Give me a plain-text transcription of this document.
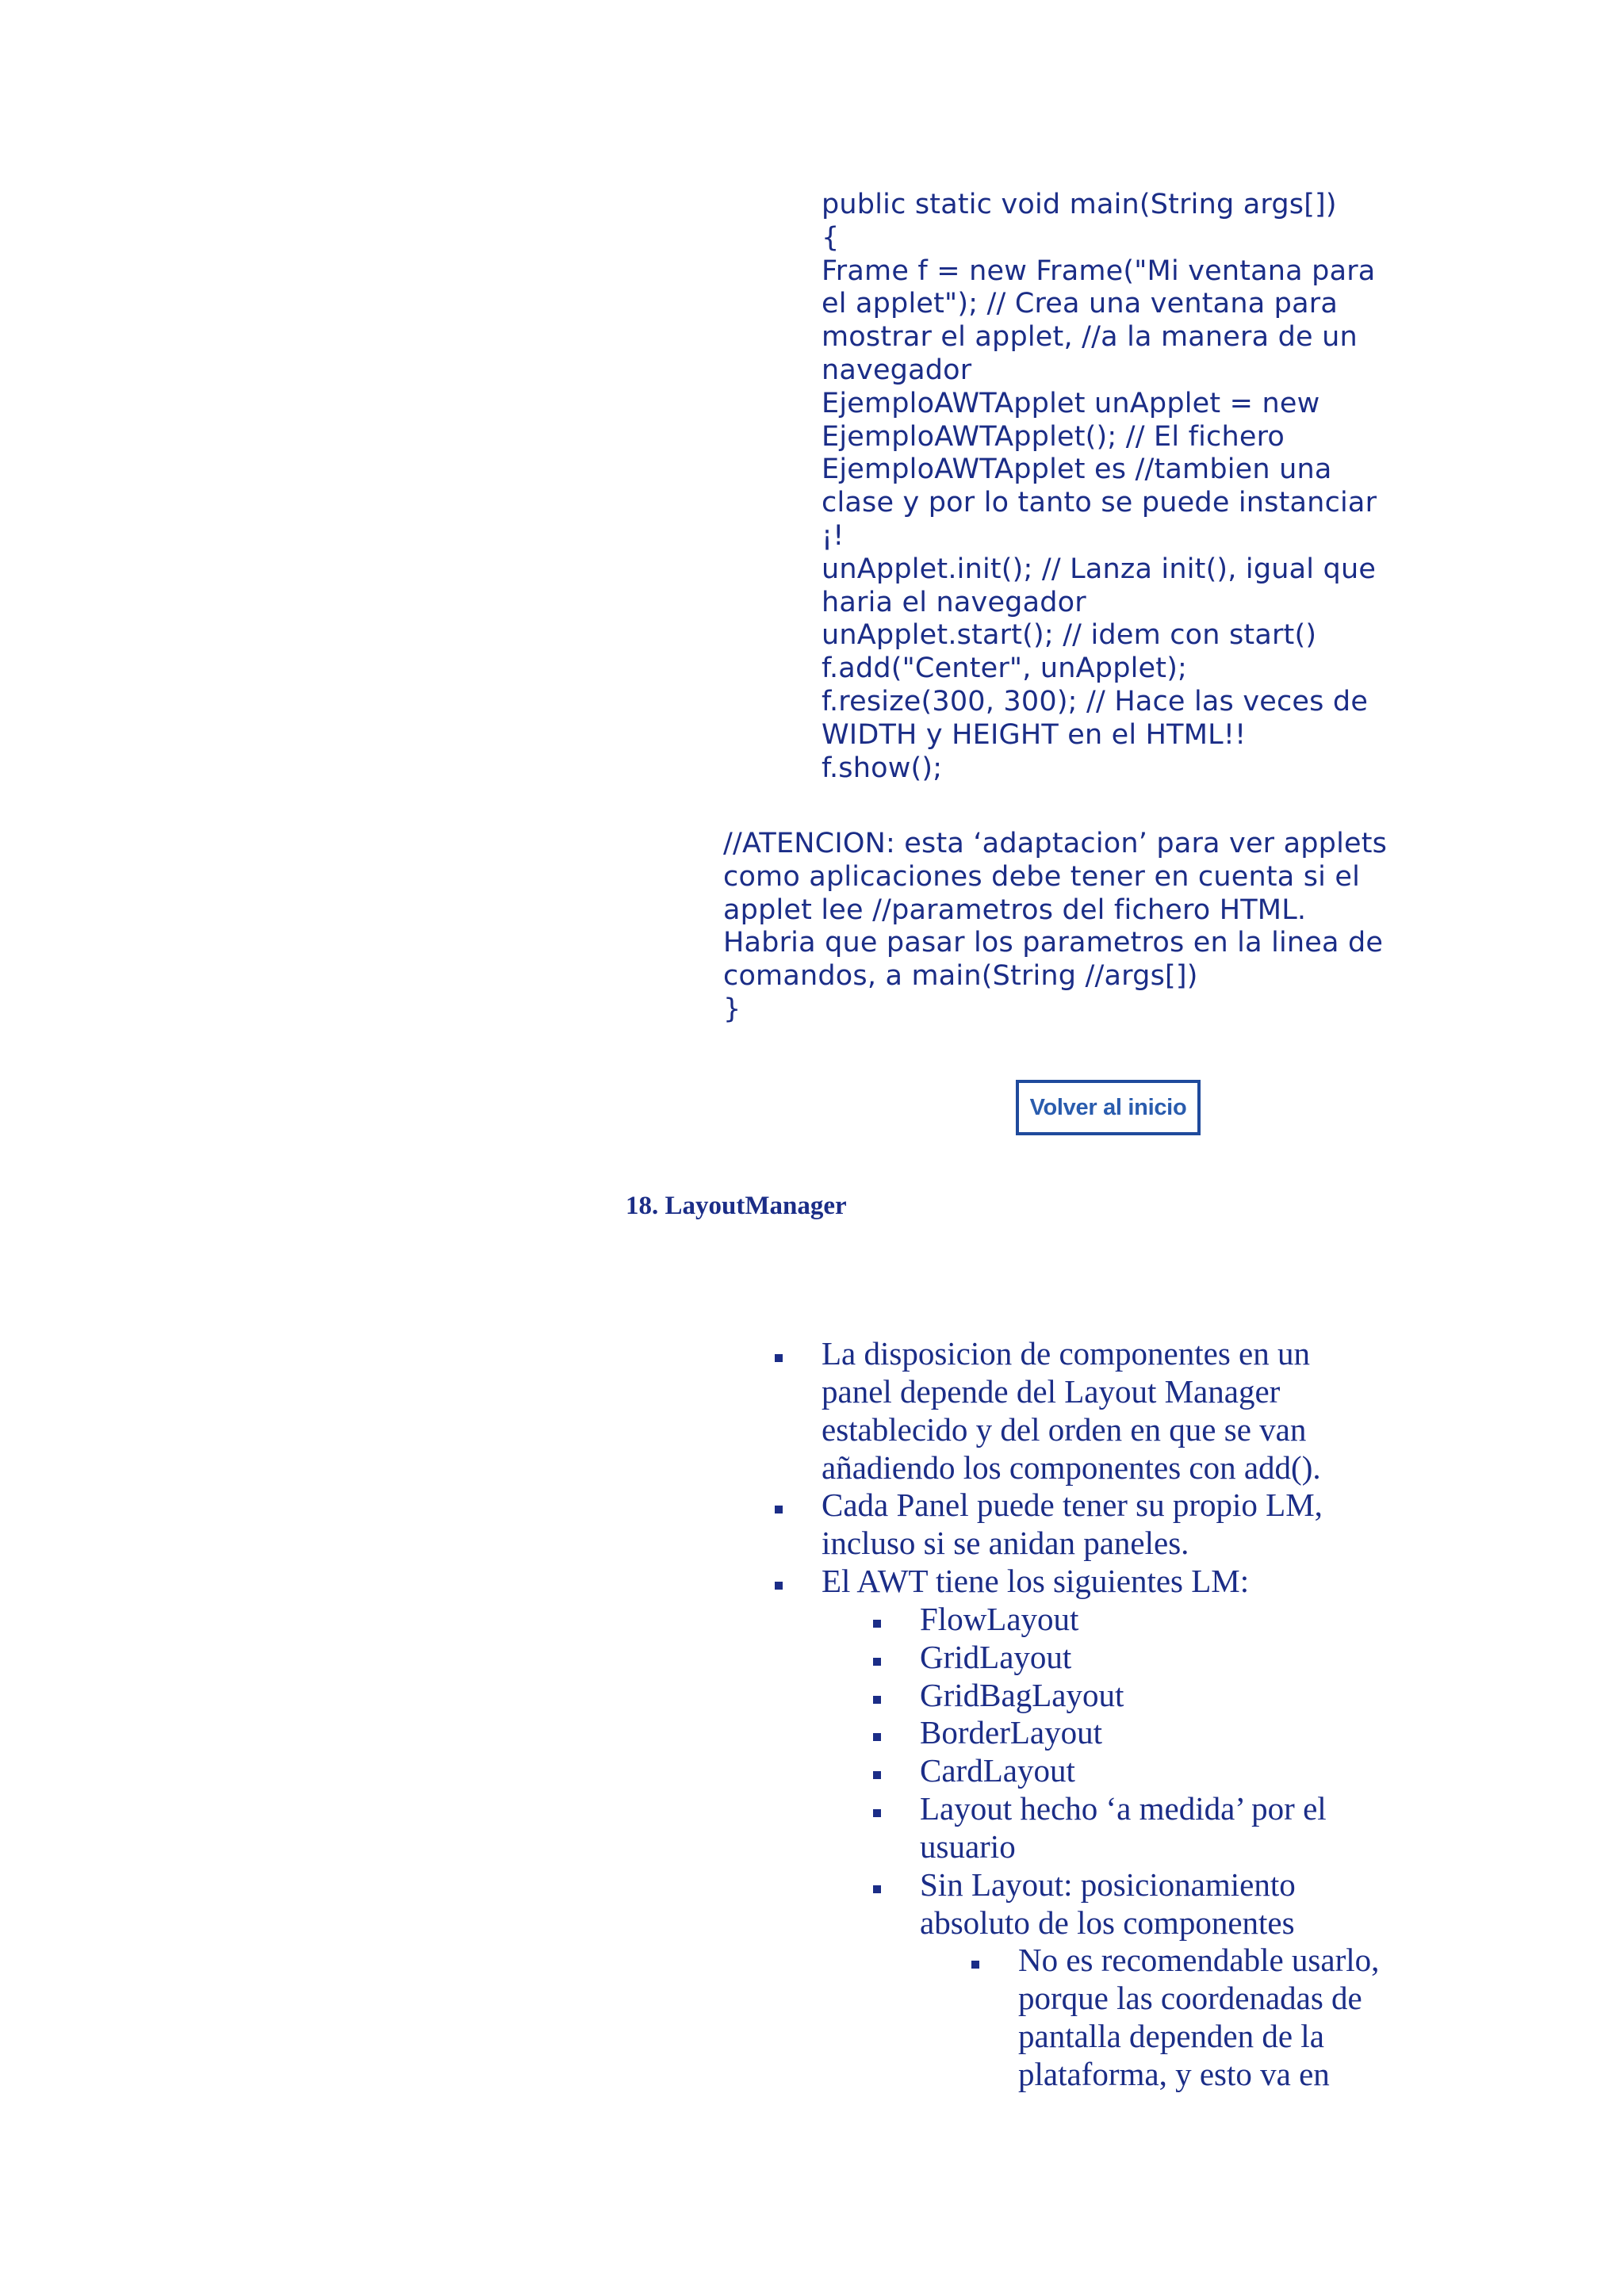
public static void main(String args[])
{
Frame f = new Frame("Mi ventana para
el applet"); // Crea una ventana para
mostrar el applet, //a la manera de un
navegador
EjemploAWTApplet unApplet = new
EjemploAWTApplet(); // El fichero
EjemploAWTApplet es //tambien una
clase y por lo tanto se puede instanciar
¡!
unApplet.init(); // Lanza init(), igual que
haria el navegador
unApplet.start(); // idem con start()
f.add("Center", unApplet);
f.resize(300, 300); // Hace las veces de
WIDTH y HEIGHT en el HTML!!
f.show();
//ATENCION: esta ‘adaptacion’ para ver applets
como aplicaciones debe tener en cuenta si el
applet lee //parametros del fichero HTML.
Habria que pasar los parametros en la linea de
comandos, a main(String //args[])
}
Volver al inicio
18. LayoutManager
La disposicion de componentes en un
panel depende del Layout Manager
establecido y del orden en que se van
añadiendo los componentes con add().
Cada Panel puede tener su propio LM,
incluso si se anidan paneles.
El AWT tiene los siguientes LM:
FlowLayout
GridLayout
GridBagLayout
BorderLayout
CardLayout
Layout hecho ‘a medida’ por el
usuario
Sin Layout: posicionamiento
absoluto de los componentes
No es recomendable usarlo,
porque las coordenadas de
pantalla dependen de la
plataforma, y esto va en
